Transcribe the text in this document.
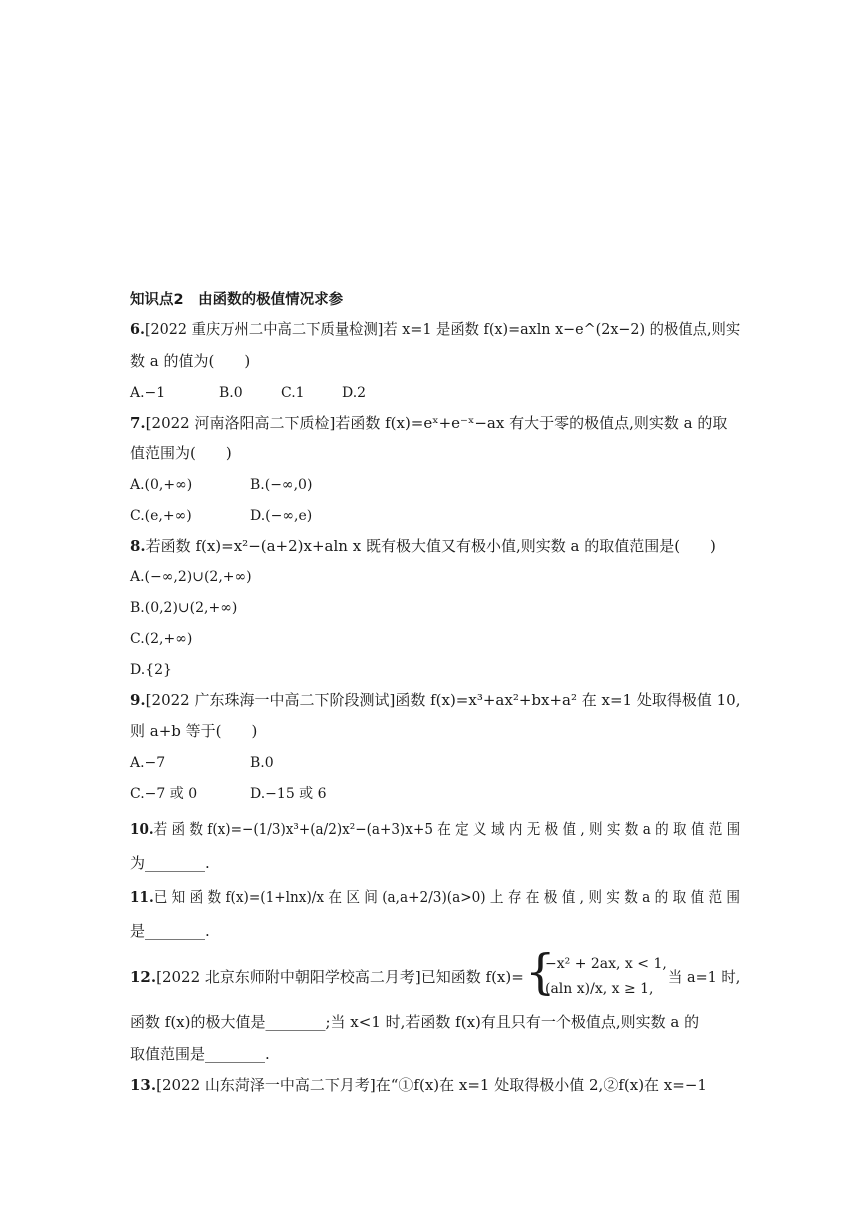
知识点2　由函数的极值情况求参
6.[2022 重庆万州二中高二下质量检测]若 x=1 是函数 f(x)=axln x−e^(2x−2) 的极值点,则实
数 a 的值为(　　)
A.−1	B.0	C.1	D.2
7.[2022 河南洛阳高二下质检]若函数 f(x)=eˣ+e⁻ˣ−ax 有大于零的极值点,则实数 a 的取
值范围为(　　)
A.(0,+∞)	B.(−∞,0)
C.(e,+∞)	D.(−∞,e)
8.若函数 f(x)=x²−(a+2)x+aln x 既有极大值又有极小值,则实数 a 的取值范围是(　　)
A.(−∞,2)∪(2,+∞)
B.(0,2)∪(2,+∞)
C.(2,+∞)
D.{2}
9.[2022 广东珠海一中高二下阶段测试]函数 f(x)=x³+ax²+bx+a² 在 x=1 处取得极值 10,
则 a+b 等于(　　)
A.−7	B.0
C.−7 或 0	D.−15 或 6
10.若 函 数 f(x)=−(1/3)x³+(a/2)x²−(a+3)x+5 在 定 义 域 内 无 极 值 , 则 实 数 a 的 取 值 范 围
为________.
11.已 知 函 数 f(x)=(1+lnx)/x 在 区 间 (a,a+2/3)(a>0) 上 存 在 极 值 , 则 实 数 a 的 取 值 范 围
是________.
12.[2022 北京东师附中朝阳学校高二月考]已知函数 f(x)= {
−x² + 2ax, x < 1,
(aln x)/x, x ≥ 1,
当 a=1 时,
函数 f(x)的极大值是________;当 x<1 时,若函数 f(x)有且只有一个极值点,则实数 a 的
取值范围是________.
13.[2022 山东菏泽一中高二下月考]在“①f(x)在 x=1 处取得极小值 2,②f(x)在 x=−1
